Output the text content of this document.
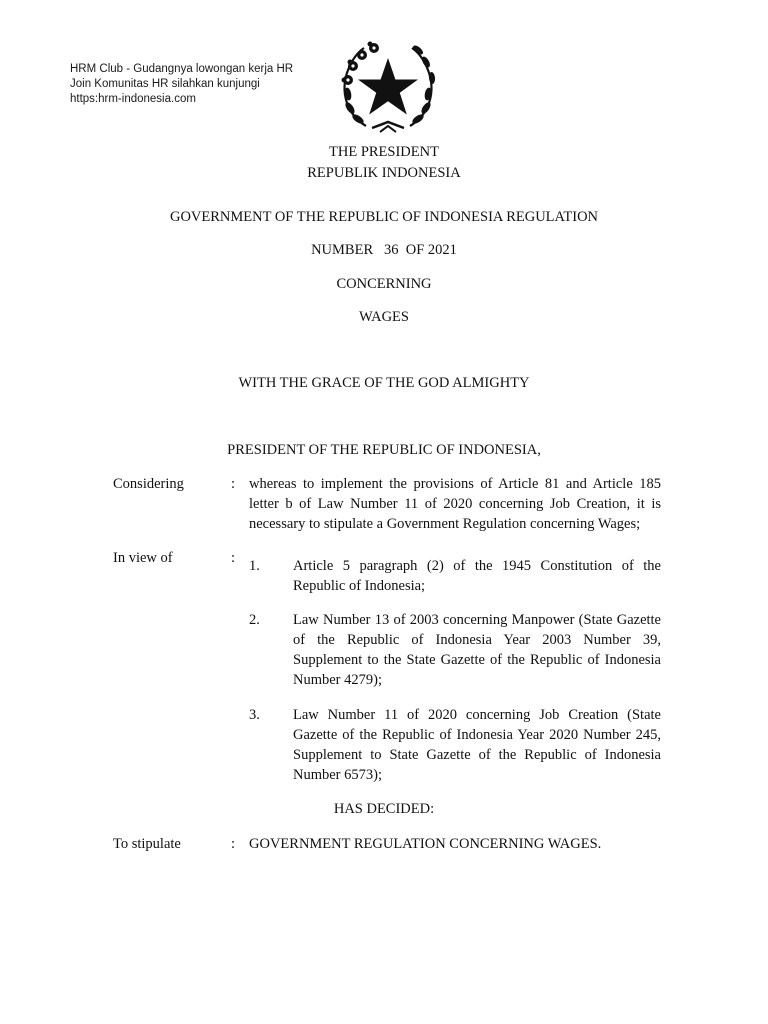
HRM Club - Gudangnya lowongan kerja HR
Join Komunitas HR silahkan kunjungi
https:hrm-indonesia.com
THE PRESIDENT
REPUBLIK INDONESIA
GOVERNMENT OF THE REPUBLIC OF INDONESIA REGULATION
NUMBER   36  OF 2021
CONCERNING
WAGES
WITH THE GRACE OF THE GOD ALMIGHTY
PRESIDENT OF THE REPUBLIC OF INDONESIA,
Considering	: whereas to implement the provisions of Article 81 and Article 185 letter b of Law Number 11 of 2020 concerning Job Creation, it is necessary to stipulate a Government Regulation concerning Wages;
In view of	: 1. Article 5 paragraph (2) of the 1945 Constitution of the Republic of Indonesia;
2. Law Number 13 of 2003 concerning Manpower (State Gazette of the Republic of Indonesia Year 2003 Number 39, Supplement to the State Gazette of the Republic of Indonesia Number 4279);
3. Law Number 11 of 2020 concerning Job Creation (State Gazette of the Republic of Indonesia Year 2020 Number 245, Supplement to State Gazette of the Republic of Indonesia Number 6573);
HAS DECIDED:
To stipulate	: GOVERNMENT REGULATION CONCERNING WAGES.
